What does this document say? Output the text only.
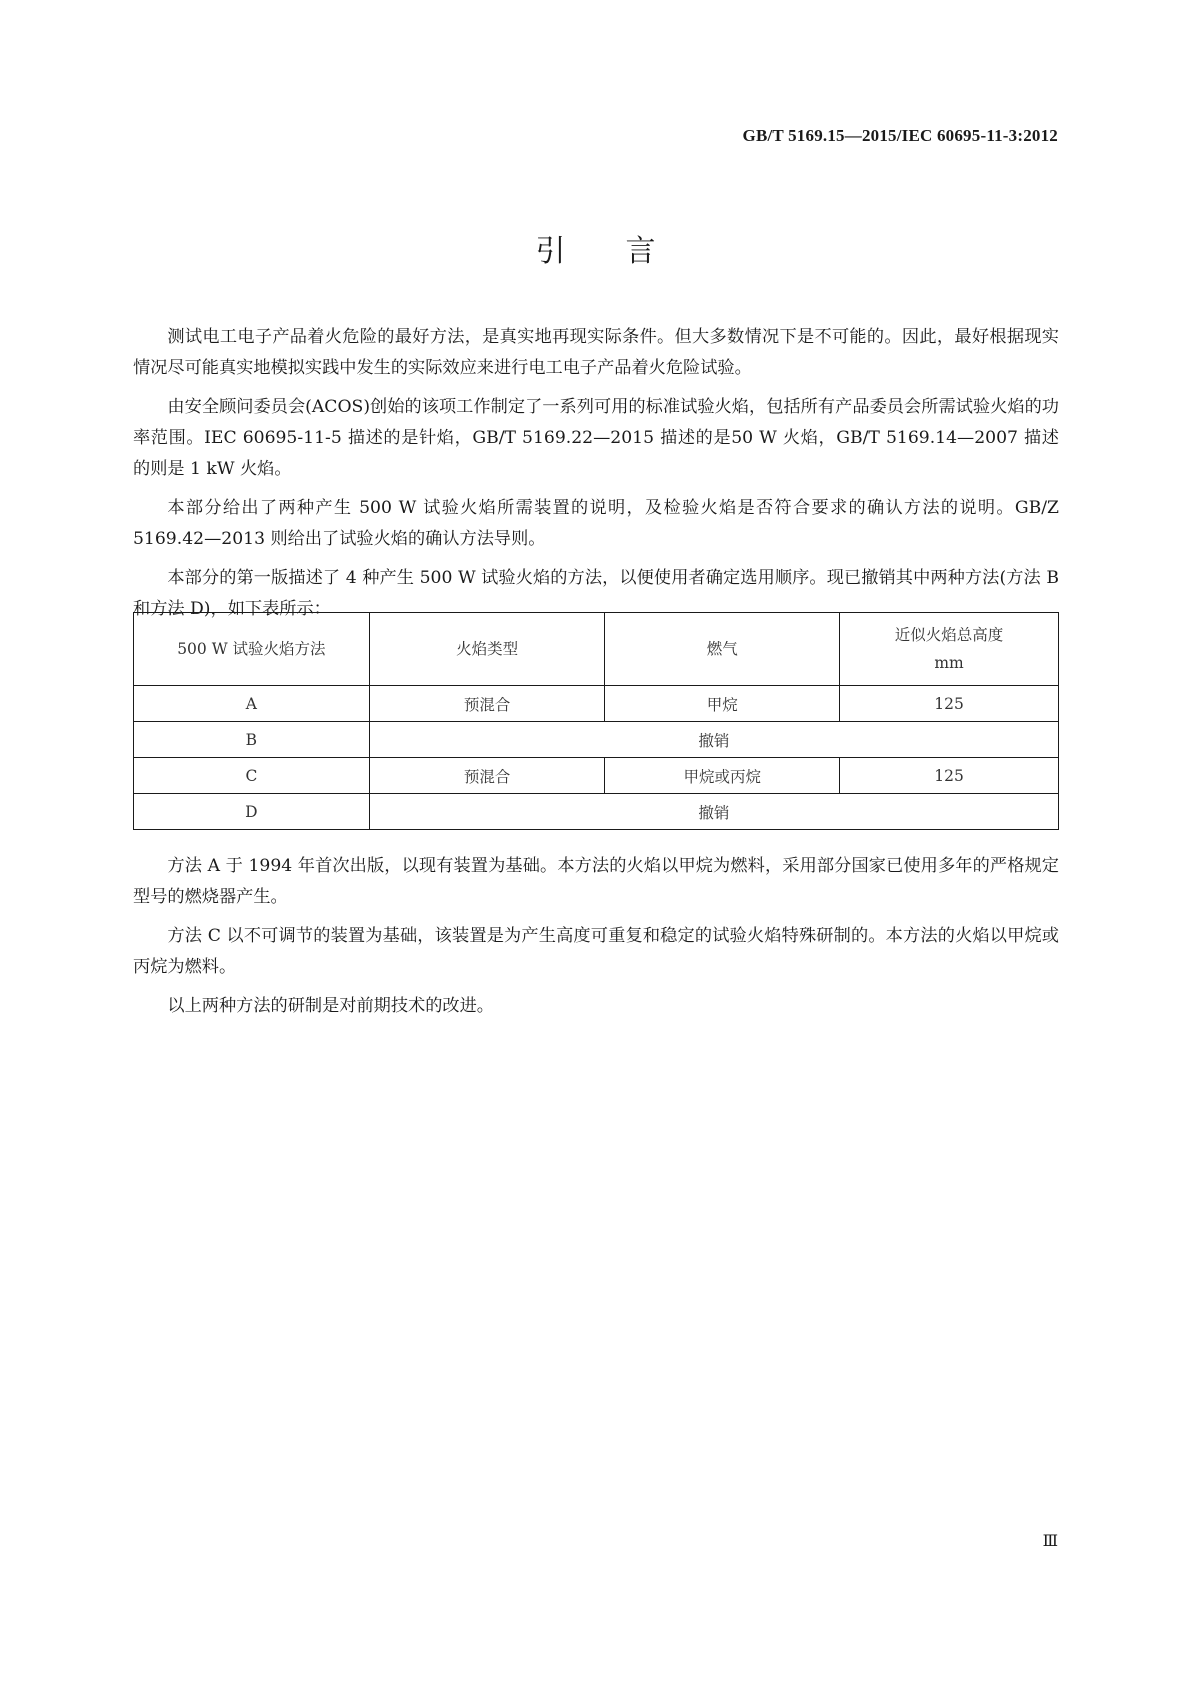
GB/T 5169.15—2015/IEC 60695-11-3:2012
引言

测试电工电子产品着火危险的最好方法，是真实地再现实际条件。但大多数情况下是不可能的。因此，最好根据现实情况尽可能真实地模拟实践中发生的实际效应来进行电工电子产品着火危险试验。

由安全顾问委员会(ACOS)创始的该项工作制定了一系列可用的标准试验火焰，包括所有产品委员会所需试验火焰的功率范围。IEC 60695-11-5 描述的是针焰，GB/T 5169.22—2015 描述的是50 W 火焰，GB/T 5169.14—2007 描述的则是 1 kW 火焰。

本部分给出了两种产生 500 W 试验火焰所需装置的说明，及检验火焰是否符合要求的确认方法的说明。GB/Z 5169.42—2013 则给出了试验火焰的确认方法导则。

本部分的第一版描述了 4 种产生 500 W 试验火焰的方法，以便使用者确定选用顺序。现已撤销其中两种方法(方法 B 和方法 D)，如下表所示：

500 W 试验火焰方法	火焰类型	燃气	近似火焰总高度
mm

A	预混合	甲烷	125
B	撤销		
C	预混合	甲烷或丙烷	125
D	撤销		

方法 A 于 1994 年首次出版，以现有装置为基础。本方法的火焰以甲烷为燃料，采用部分国家已使用多年的严格规定型号的燃烧器产生。

方法 C 以不可调节的装置为基础，该装置是为产生高度可重复和稳定的试验火焰特殊研制的。本方法的火焰以甲烷或丙烷为燃料。

以上两种方法的研制是对前期技术的改进。

Ⅲ
